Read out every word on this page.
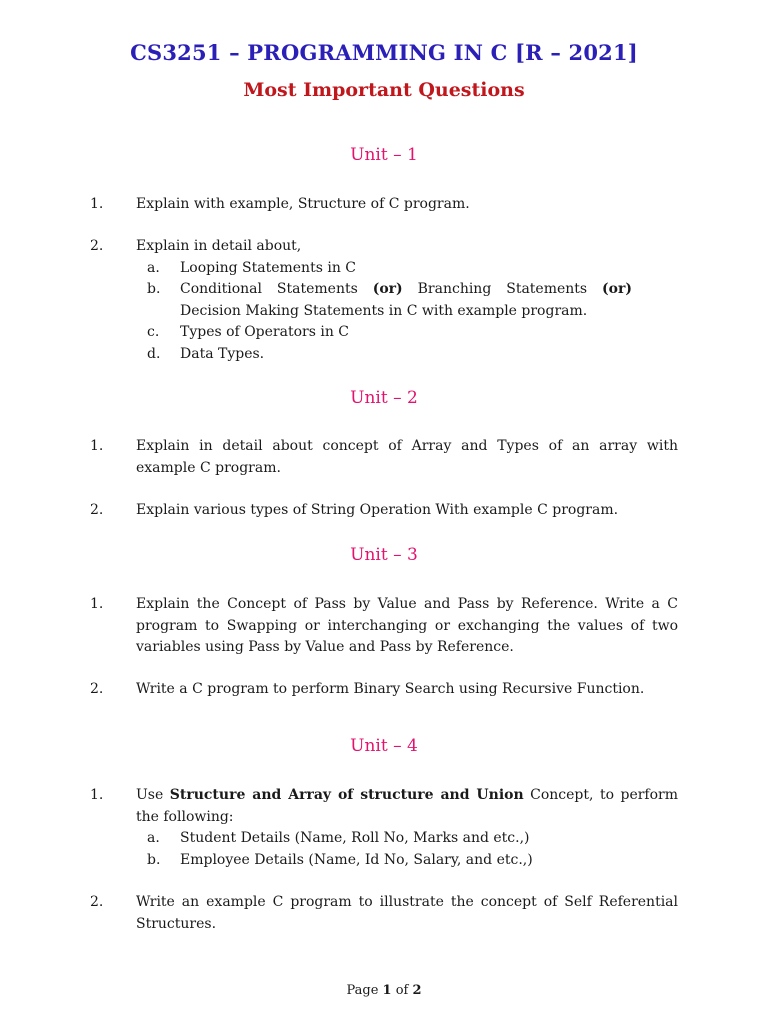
CS3251 – PROGRAMMING IN C [R – 2021]
Most Important Questions
Unit – 1
1.	Explain with example, Structure of C program.
2.	Explain in detail about,
a. Looping Statements in C
b. Conditional Statements (or) Branching Statements (or) Decision Making Statements in C with example program.
c. Types of Operators in C
d. Data Types.
Unit – 2
1.	Explain in detail about concept of Array and Types of an array with example C program.
2.	Explain various types of String Operation With example C program.
Unit – 3
1.	Explain the Concept of Pass by Value and Pass by Reference. Write a C program to Swapping or interchanging or exchanging the values of two variables using Pass by Value and Pass by Reference.
2.	Write a C program to perform Binary Search using Recursive Function.
Unit – 4
1.	Use Structure and Array of structure and Union Concept, to perform the following:
a. Student Details (Name, Roll No, Marks and etc.,)
b. Employee Details (Name, Id No, Salary, and etc.,)
2.	Write an example C program to illustrate the concept of Self Referential Structures.
Page 1 of 2
